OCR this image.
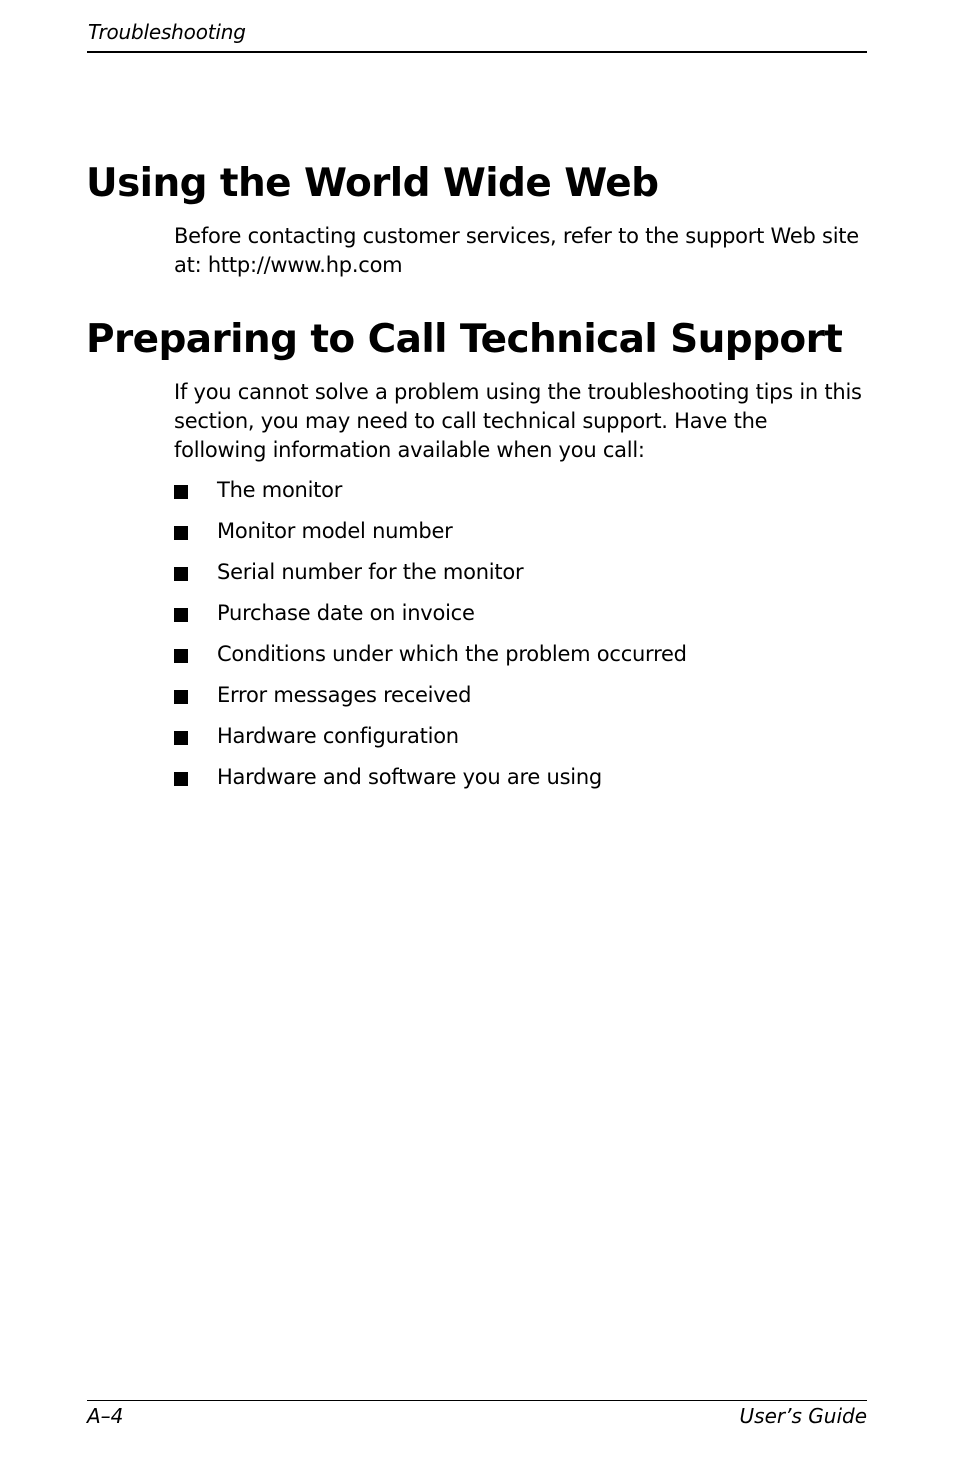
Troubleshooting
Using the World Wide Web

Before contacting customer services, refer to the support Web site at: http://www.hp.com

Preparing to Call Technical Support

If you cannot solve a problem using the troubleshooting tips in this section, you may need to call technical support. Have the following information available when you call:

The monitor
Monitor model number
Serial number for the monitor
Purchase date on invoice
Conditions under which the problem occurred
Error messages received
Hardware configuration
Hardware and software you are using
A–4	User’s Guide
